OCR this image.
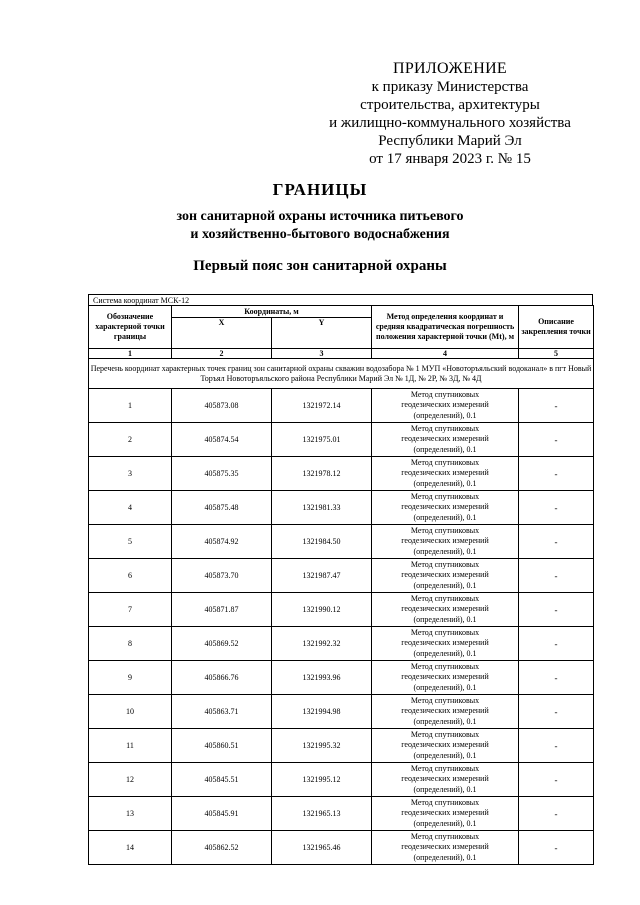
ПРИЛОЖЕНИЕ
к приказу Министерства
строительства, архитектуры
и жилищно-коммунального хозяйства
Республики Марий Эл
от 17 января 2023 г. № 15
ГРАНИЦЫ
зон санитарной охраны источника питьевого
и хозяйственно-бытового водоснабжения
Первый пояс зон санитарной охраны
Система координат МСК-12
Обозначение характерной точки границы	Координаты, м		Метод определения координат и средняя квадратическая погрешность положения характерной точки (Mt), м	Описание закрепления точки
	X	Y		
1	2	3	4	5
Перечень координат характерных точек границ зон санитарной охраны скважин водозабора № 1 МУП «Новоторъяльский водоканал» в пгт Новый Торъял Новоторъяльского района Республики Марий Эл № 1Д, № 2Р, № 3Д, № 4Д				
1	405873.08	1321972.14	Метод спутниковых
геодезических измерений
(определений), 0.1	-
2	405874.54	1321975.01	Метод спутниковых
геодезических измерений
(определений), 0.1	-
3	405875.35	1321978.12	Метод спутниковых
геодезических измерений
(определений), 0.1	-
4	405875.48	1321981.33	Метод спутниковых
геодезических измерений
(определений), 0.1	-
5	405874.92	1321984.50	Метод спутниковых
геодезических измерений
(определений), 0.1	-
6	405873.70	1321987.47	Метод спутниковых
геодезических измерений
(определений), 0.1	-
7	405871.87	1321990.12	Метод спутниковых
геодезических измерений
(определений), 0.1	-
8	405869.52	1321992.32	Метод спутниковых
геодезических измерений
(определений), 0.1	-
9	405866.76	1321993.96	Метод спутниковых
геодезических измерений
(определений), 0.1	-
10	405863.71	1321994.98	Метод спутниковых
геодезических измерений
(определений), 0.1	-
11	405860.51	1321995.32	Метод спутниковых
геодезических измерений
(определений), 0.1	-
12	405845.51	1321995.12	Метод спутниковых
геодезических измерений
(определений), 0.1	-
13	405845.91	1321965.13	Метод спутниковых
геодезических измерений
(определений), 0.1	-
14	405862.52	1321965.46	Метод спутниковых
геодезических измерений
(определений), 0.1	-
